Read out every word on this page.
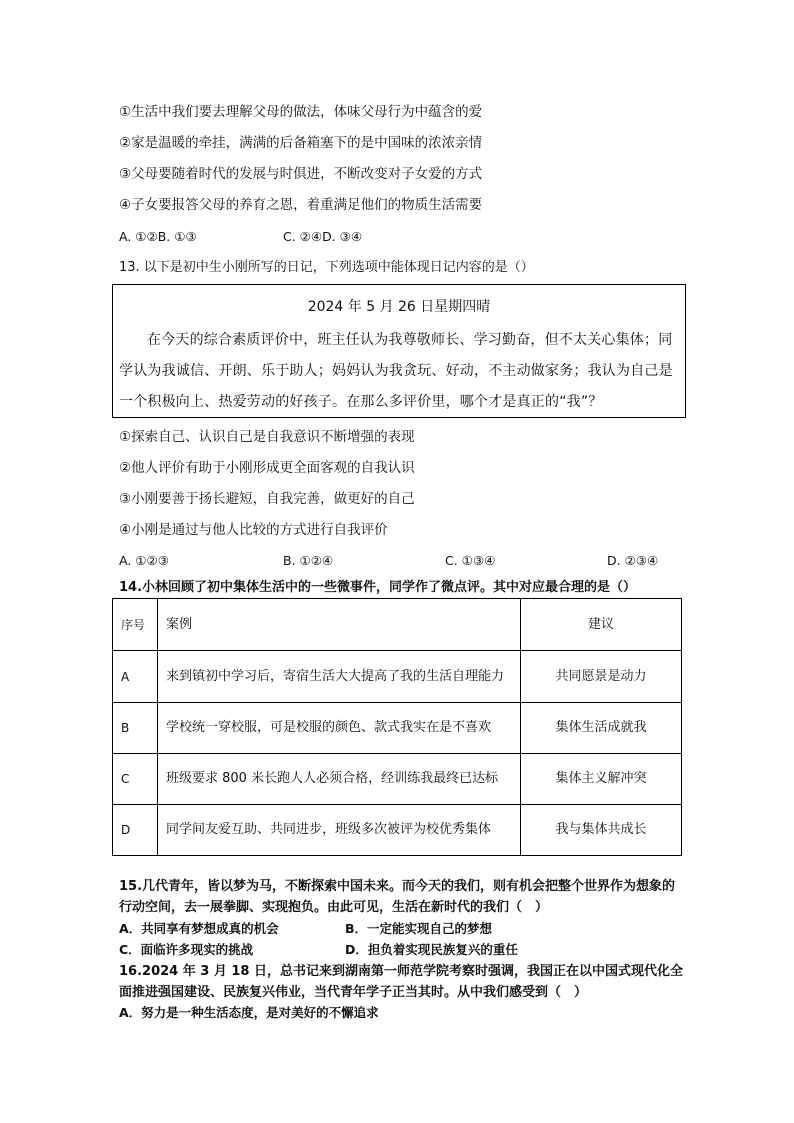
①生活中我们要去理解父母的做法，体味父母行为中蕴含的爱
②家是温暖的牵挂，满满的后备箱塞下的是中国味的浓浓亲情
③父母要随着时代的发展与时俱进，不断改变对子女爱的方式
④子女要报答父母的养育之恩，着重满足他们的物质生活需要
A. ①②B. ①③	C. ②④D. ③④
13. 以下是初中生小刚所写的日记，下列选项中能体现日记内容的是（）
2024 年 5 月 26 日星期四晴
在今天的综合素质评价中，班主任认为我尊敬师长、学习勤奋，但不太关心集体；同学认为我诚信、开朗、乐于助人；妈妈认为我贪玩、好动，不主动做家务；我认为自己是一个积极向上、热爱劳动的好孩子。在那么多评价里，哪个才是真正的“我”？
①探索自己、认识自己是自我意识不断增强的表现
②他人评价有助于小刚形成更全面客观的自我认识
③小刚要善于扬长避短，自我完善，做更好的自己
④小刚是通过与他人比较的方式进行自我评价
A. ①②③	B. ①②④	C. ①③④	D. ②③④
14.小林回顾了初中集体生活中的一些微事件，同学作了微点评。其中对应最合理的是（）
序号	案例	建议
A	来到镇初中学习后，寄宿生活大大提高了我的生活自理能力	共同愿景是动力
B	学校统一穿校服，可是校服的颜色、款式我实在是不喜欢	集体生活成就我
C	班级要求 800 米长跑人人必须合格，经训练我最终已达标	集体主义解冲突
D	同学间友爱互助、共同进步，班级多次被评为校优秀集体	我与集体共成长
15.几代青年，皆以梦为马，不断探索中国未来。而今天的我们，则有机会把整个世界作为想象的行动空间，去一展拳脚、实现抱负。由此可见，生活在新时代的我们（　）
A．共同享有梦想成真的机会	B．一定能实现自己的梦想
C．面临许多现实的挑战	D．担负着实现民族复兴的重任
16.2024 年 3 月 18 日，总书记来到湖南第一师范学院考察时强调，我国正在以中国式现代化全面推进强国建设、民族复兴伟业，当代青年学子正当其时。从中我们感受到（　）
A．努力是一种生活态度，是对美好的不懈追求
